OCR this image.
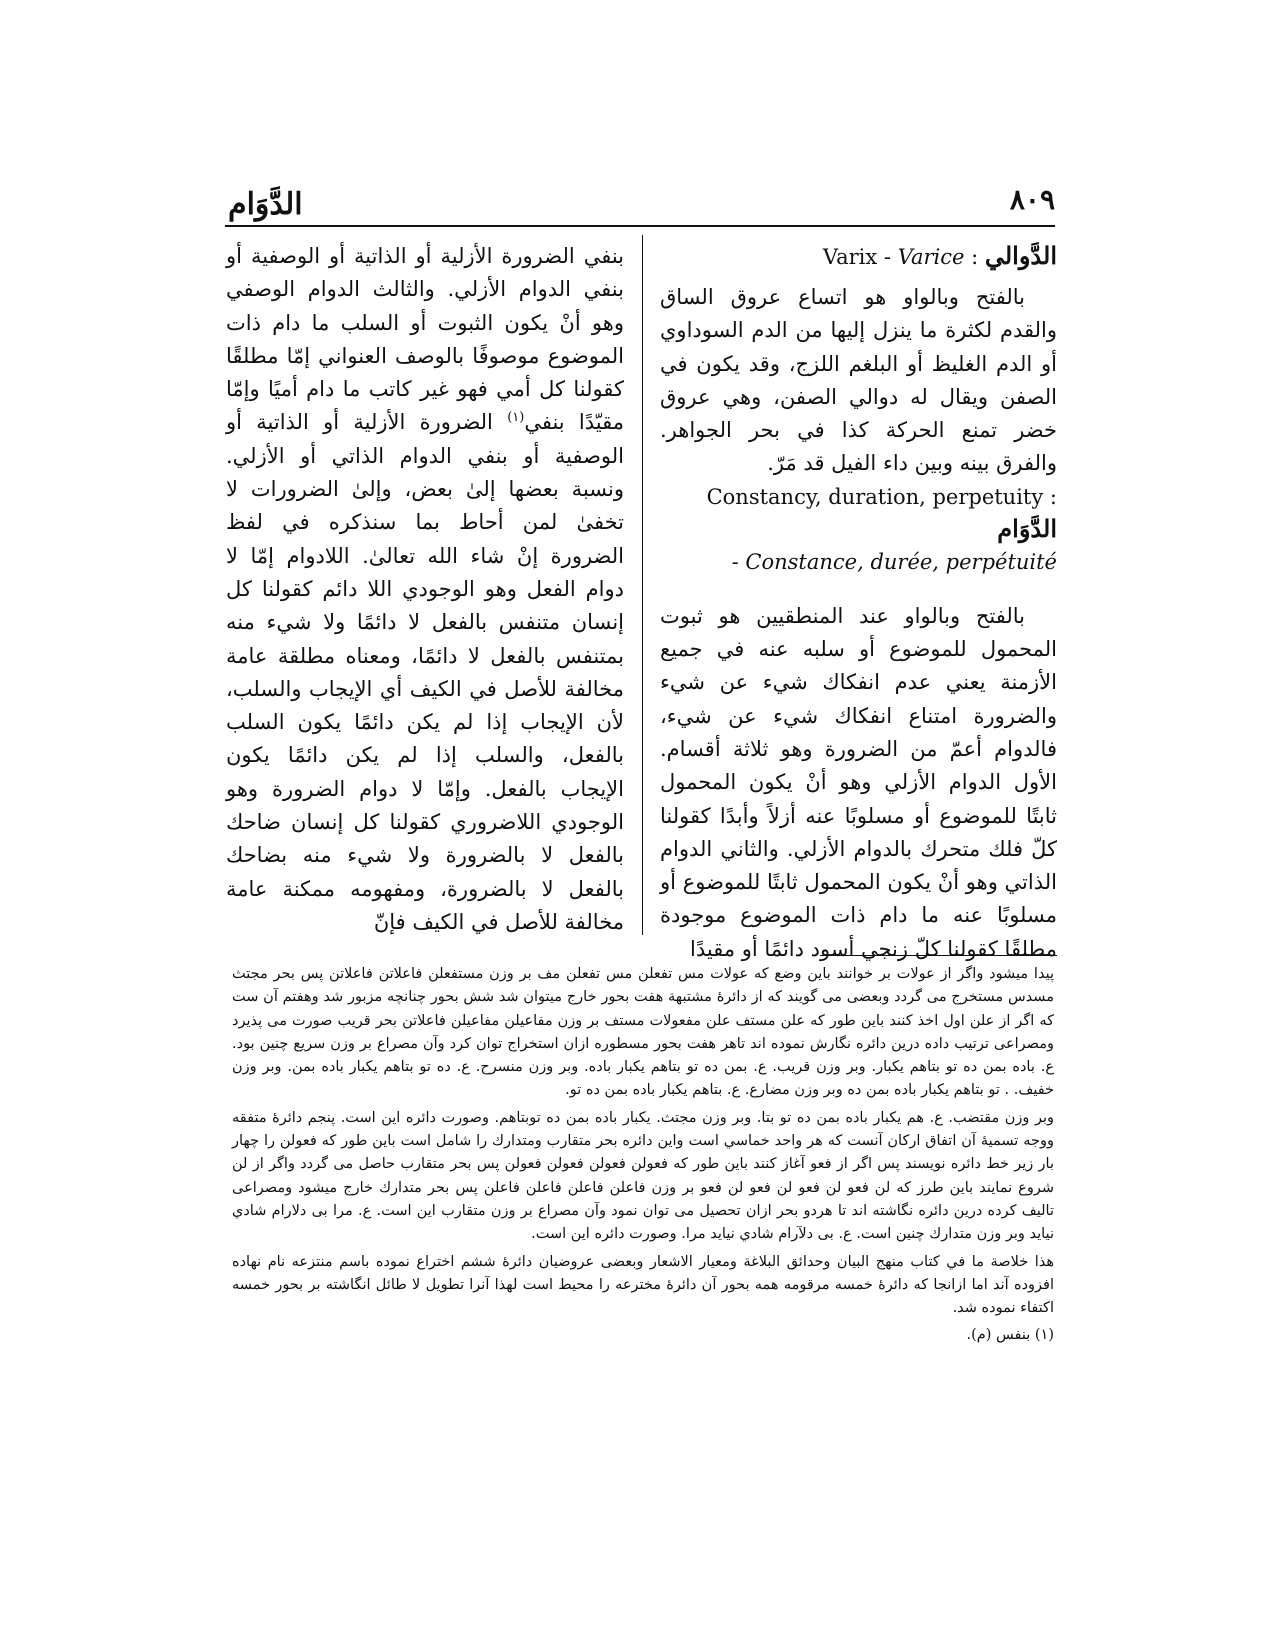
الدَّوَام	٨٠٩

Varix - Varice : الدَّوالي

بالفتح وبالواو هو اتساع عروق الساق والقدم لكثرة ما ينزل إليها من الدم السوداوي أو الدم الغليظ أو البلغم اللزج، وقد يكون في الصفن ويقال له دوالي الصفن، وهي عروق خضر تمنع الحركة كذا في بحر الجواهر. والفرق بينه وبين داء الفيل قد مَرّ.

Constancy, duration, perpetuity : الدَّوَام
- Constance, durée, perpétuité

بالفتح وبالواو عند المنطقيين هو ثبوت المحمول للموضوع أو سلبه عنه في جميع الأزمنة يعني عدم انفكاك شيء عن شيء والضرورة امتناع انفكاك شيء عن شيء، فالدوام أعمّ من الضرورة وهو ثلاثة أقسام. الأول الدوام الأزلي وهو أنْ يكون المحمول ثابتًا للموضوع أو مسلوبًا عنه أزلاً وأبدًا كقولنا كلّ فلك متحرك بالدوام الأزلي. والثاني الدوام الذاتي وهو أنْ يكون المحمول ثابتًا للموضوع أو مسلوبًا عنه ما دام ذات الموضوع موجودة مطلقًا كقولنا كلّ زنجي أسود دائمًا أو مقيدًا

بنفي الضرورة الأزلية أو الذاتية أو الوصفية أو بنفي الدوام الأزلي. والثالث الدوام الوصفي وهو أنْ يكون الثبوت أو السلب ما دام ذات الموضوع موصوفًا بالوصف العنواني إمّا مطلقًا كقولنا كل أمي فهو غير كاتب ما دام أميًا وإمّا مقيّدًا بنفي$^{(١)}$ الضرورة الأزلية أو الذاتية أو الوصفية أو بنفي الدوام الذاتي أو الأزلي. ونسبة بعضها إلىٰ بعض، وإلىٰ الضرورات لا تخفىٰ لمن أحاط بما سنذكره في لفظ الضرورة إنْ شاء الله تعالىٰ. اللادوام إمّا لا دوام الفعل وهو الوجودي اللا دائم كقولنا كل إنسان متنفس بالفعل لا دائمًا ولا شيء منه بمتنفس بالفعل لا دائمًا، ومعناه مطلقة عامة مخالفة للأصل في الكيف أي الإيجاب والسلب، لأن الإيجاب إذا لم يكن دائمًا يكون السلب بالفعل، والسلب إذا لم يكن دائمًا يكون الإيجاب بالفعل. وإمّا لا دوام الضرورة وهو الوجودي اللاضروري كقولنا كل إنسان ضاحك بالفعل لا بالضرورة ولا شيء منه بضاحك بالفعل لا بالضرورة، ومفهومه ممكنة عامة مخالفة للأصل في الكيف فإنّ

پيدا ميشود واگر از عولات بر خوانند باين وضع كه عولات مس تفعلن مس تفعلن مف بر وزن مستفعلن فاعلاتن فاعلاتن پس بحر مجتث مسدس مستخرج مى گردد وبعضى مى گويند كه از دائرهٔ مشتبهة هفت بحور خارج ميتوان شد شش بحور چنانچه مزبور شد وهفتم آن ست كه اگر از علن اول اخذ كنند باين طور كه علن مستف علن مفعولات مستف بر وزن مفاعيلن مفاعيلن فاعلاتن بحر قريب صورت مى پذيرد ومصراعى ترتيب داده درين دائره نگارش نموده اند تاهر هفت بحور مسطوره ازان استخراج توان كرد وآن مصراع بر وزن سريع چنين بود. ع. باده بمن ده تو بتاهم يكبار. وبر وزن قريب. ع. بمن ده تو بتاهم يكبار باده. وبر وزن منسرح. ع. ده تو بتاهم يكبار باده بمن. وبر وزن خفيف. . تو بتاهم يكبار باده بمن ده وبر وزن مضارع. ع. بتاهم يكبار باده بمن ده تو.

وبر وزن مقتضب. ع. هم يكبار باده بمن ده تو بتا. وبر وزن مجتث. يكبار باده بمن ده توبتاهم. وصورت دائره اين است. پنجم دائرهٔ متفقه ووجه تسميهٔ آن اتفاق اركان آنست كه هر واحد خماسي است واين دائره بحر متقارب ومتدارك را شامل است باين طور كه فعولن را چهار بار زير خط دائره نويسند پس اگر از فعو آغاز كنند باين طور كه فعولن فعولن فعولن فعولن پس بحر متقارب حاصل مى گردد واگر از لن شروع نمايند باين طرز كه لن فعو لن فعو لن فعو لن فعو بر وزن فاعلن فاعلن فاعلن فاعلن پس بحر متدارك خارج ميشود ومصراعى تاليف كرده درين دائره نگاشته اند تا هردو بحر ازان تحصيل مى توان نمود وآن مصراع بر وزن متقارب اين است. ع. مرا بى دلارام شادي نيايد وبر وزن متدارك چنين است. ع. بى دلآرام شادي نيايد مرا. وصورت دائره اين است.

هذا خلاصة ما في كتاب منهج البيان وحدائق البلاغة ومعيار الاشعار وبعضى عروضيان دائرهٔ ششم اختراع نموده باسم منتزعه نام نهاده افزوده آند اما ازانجا كه دائرهٔ خمسه مرقومه همه بحور آن دائرهٔ مخترعه را محيط است لهذا آنرا تطويل لا طائل انگاشته بر بحور خمسه اكتفاء نموده شد.

(١) بنفس (م).
